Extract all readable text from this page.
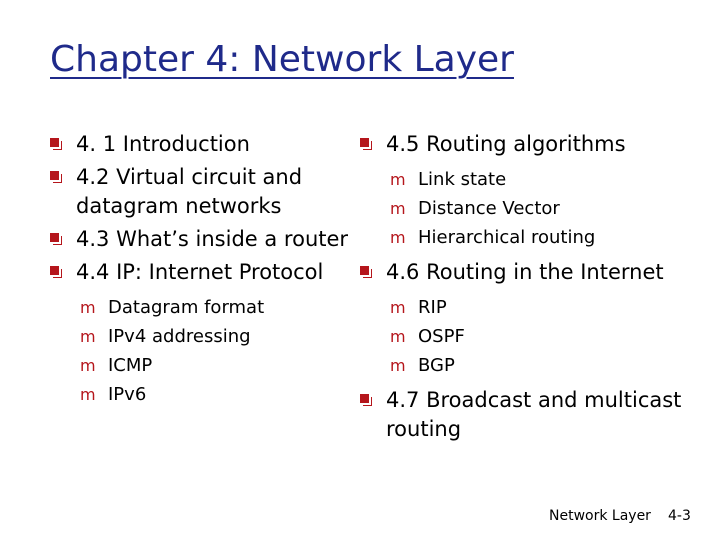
Chapter 4: Network Layer
4. 1 Introduction
4.2 Virtual circuit and datagram networks
4.3 What’s inside a router
4.4 IP: Internet Protocol
m Datagram format
m IPv4 addressing
m ICMP
m IPv6
4.5 Routing algorithms
m Link state
m Distance Vector
m Hierarchical routing
4.6 Routing in the Internet
m RIP
m OSPF
m BGP
4.7 Broadcast and multicast routing
Network Layer 4-3
